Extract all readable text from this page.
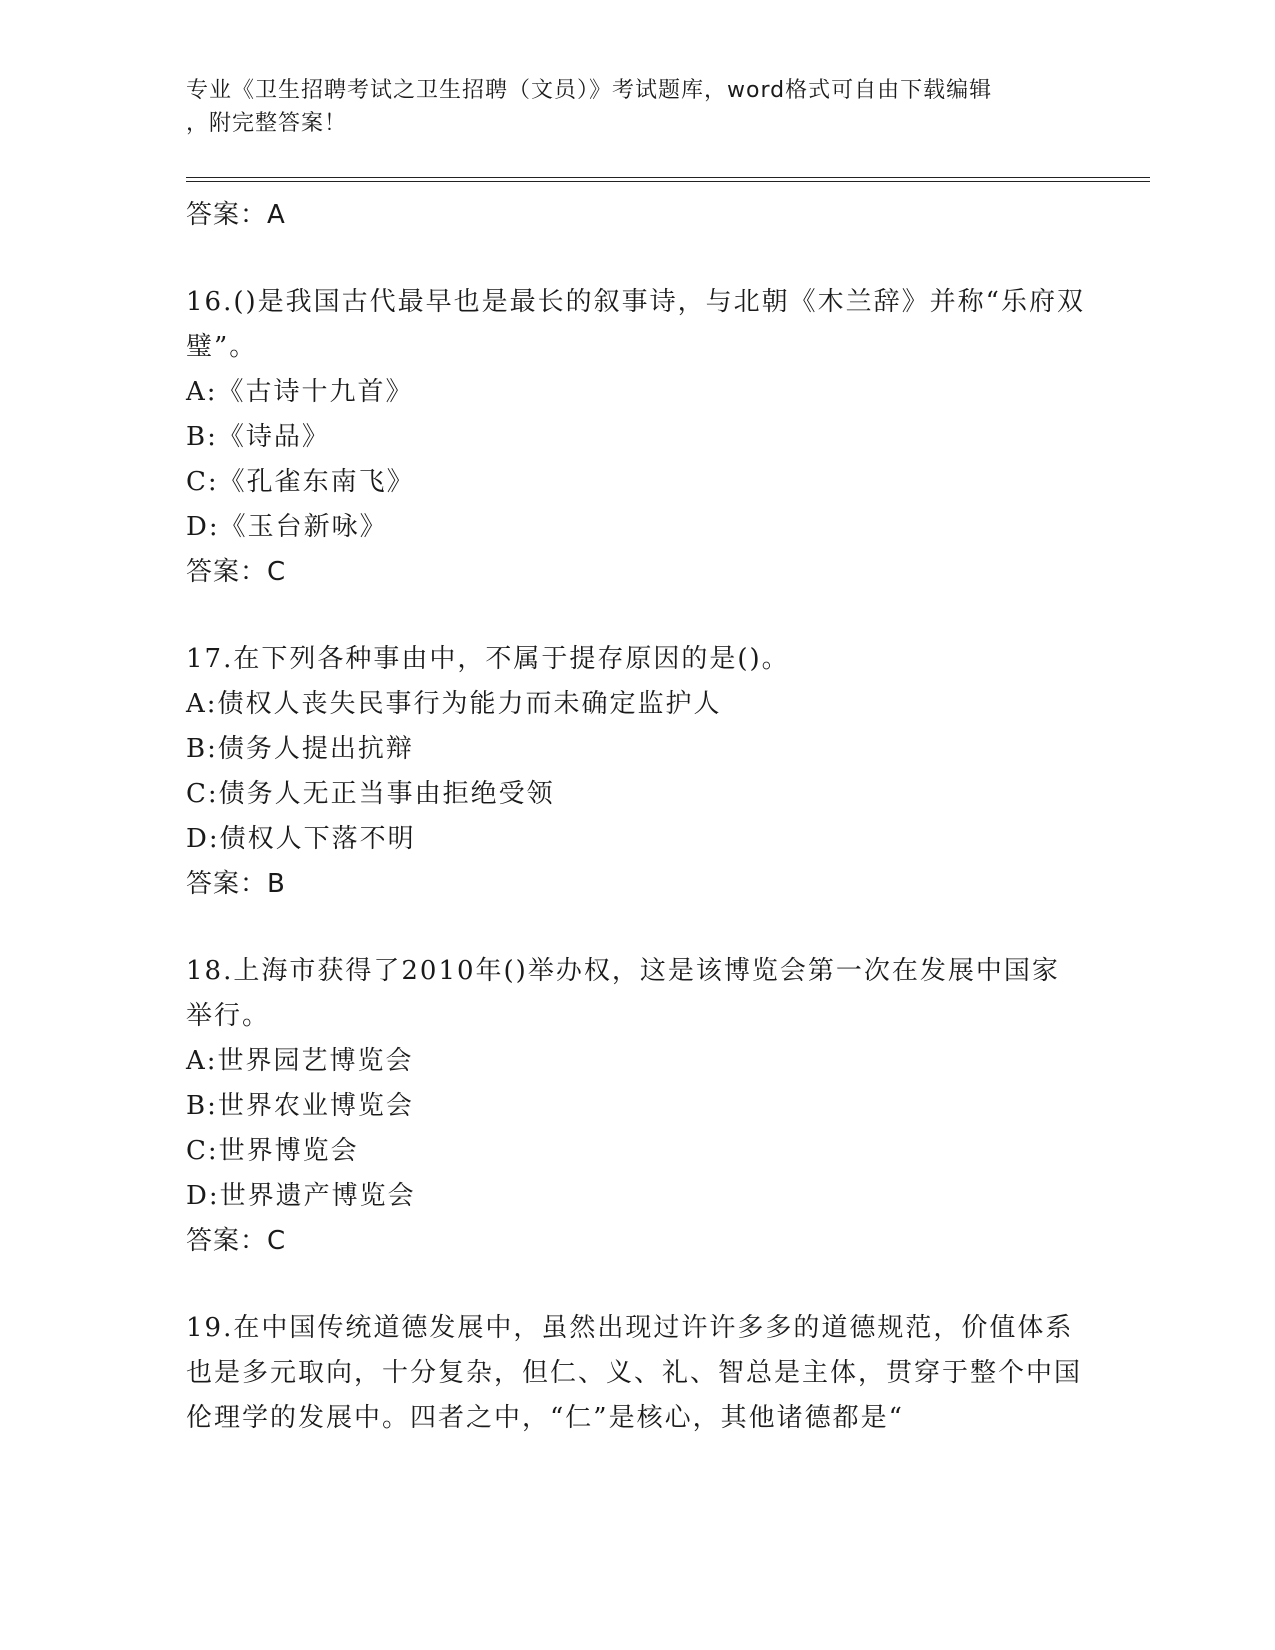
专业《卫生招聘考试之卫生招聘（文员）》考试题库，word格式可自由下载编辑
，附完整答案！
答案：A
16.()是我国古代最早也是最长的叙事诗，与北朝《木兰辞》并称“乐府双璧”。
A:《古诗十九首》
B:《诗品》
C:《孔雀东南飞》
D:《玉台新咏》
答案：C
17.在下列各种事由中，不属于提存原因的是()。
A:债权人丧失民事行为能力而未确定监护人
B:债务人提出抗辩
C:债务人无正当事由拒绝受领
D:债权人下落不明
答案：B
18.上海市获得了2010年()举办权，这是该博览会第一次在发展中国家举行。
A:世界园艺博览会
B:世界农业博览会
C:世界博览会
D:世界遗产博览会
答案：C
19.在中国传统道德发展中，虽然出现过许许多多的道德规范，价值体系也是多元取向，十分复杂，但仁、义、礼、智总是主体，贯穿于整个中国伦理学的发展中。四者之中，“仁”是核心，其他诸德都是“
